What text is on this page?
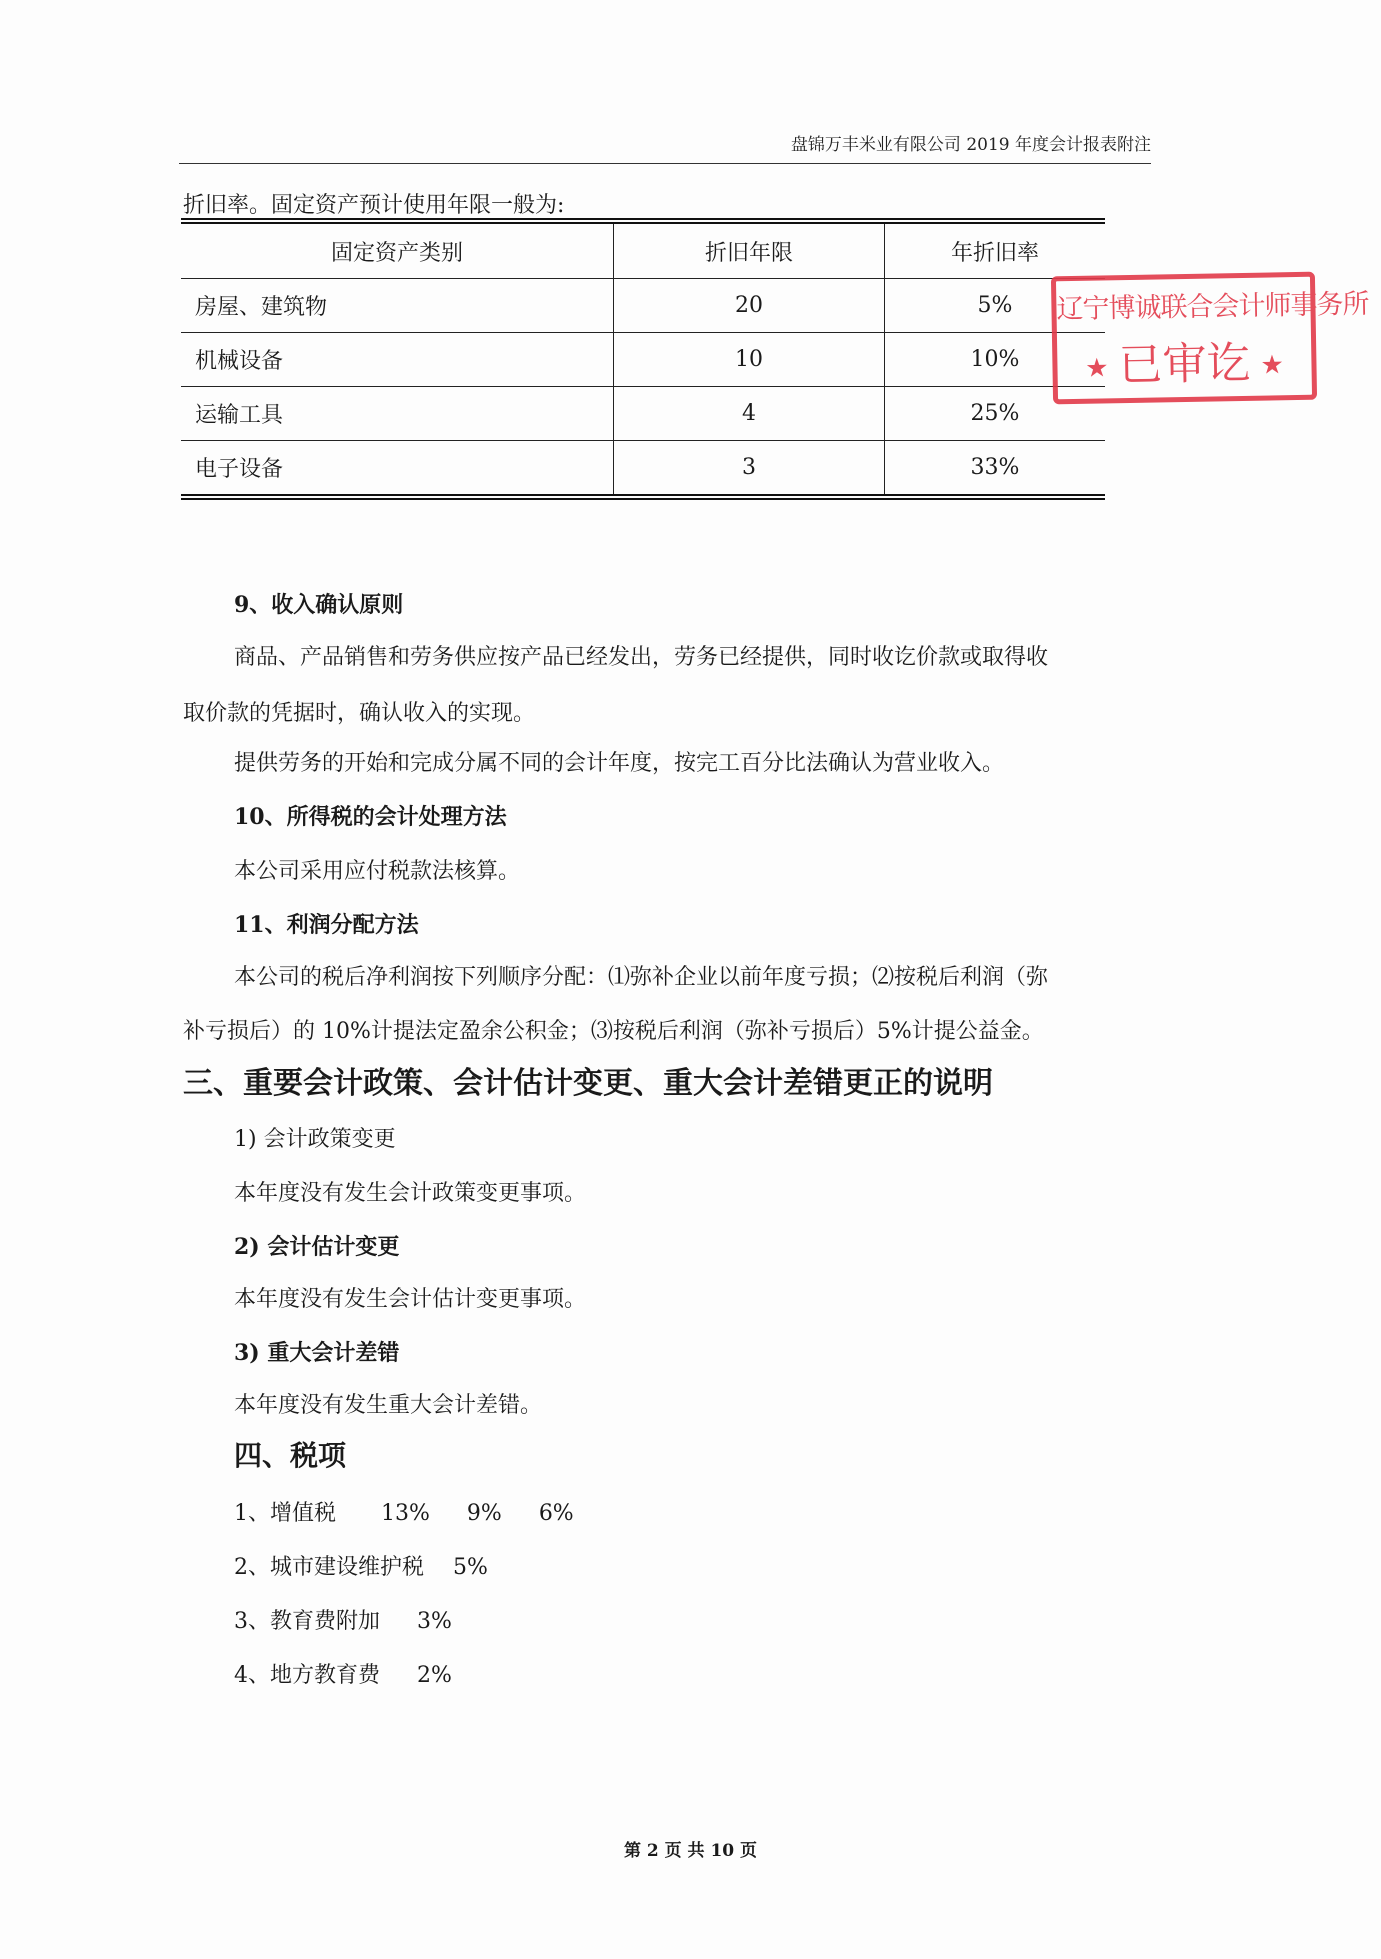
盘锦万丰米业有限公司 2019 年度会计报表附注
折旧率。固定资产预计使用年限一般为:
固定资产类别	折旧年限	年折旧率
房屋、建筑物	20	5%
机械设备	10	10%
运输工具	4	25%
电子设备	3	33%
辽宁博诚联合会计师事务所
★ 已审讫 ★
9、收入确认原则
商品、产品销售和劳务供应按产品已经发出，劳务已经提供，同时收讫价款或取得收
取价款的凭据时，确认收入的实现。
提供劳务的开始和完成分属不同的会计年度，按完工百分比法确认为营业收入。
10、所得税的会计处理方法
本公司采用应付税款法核算。
11、利润分配方法
本公司的税后净利润按下列顺序分配：⑴弥补企业以前年度亏损；⑵按税后利润（弥
补亏损后）的 10%计提法定盈余公积金；⑶按税后利润（弥补亏损后）5%计提公益金。
三、重要会计政策、会计估计变更、重大会计差错更正的说明
1) 会计政策变更
本年度没有发生会计政策变更事项。
2) 会计估计变更
本年度没有发生会计估计变更事项。
3) 重大会计差错
本年度没有发生重大会计差错。
四、税项
1、增值税 13% 9% 6%
2、城市建设维护税 5%
3、教育费附加 3%
4、地方教育费 2%
第 2 页 共 10 页
